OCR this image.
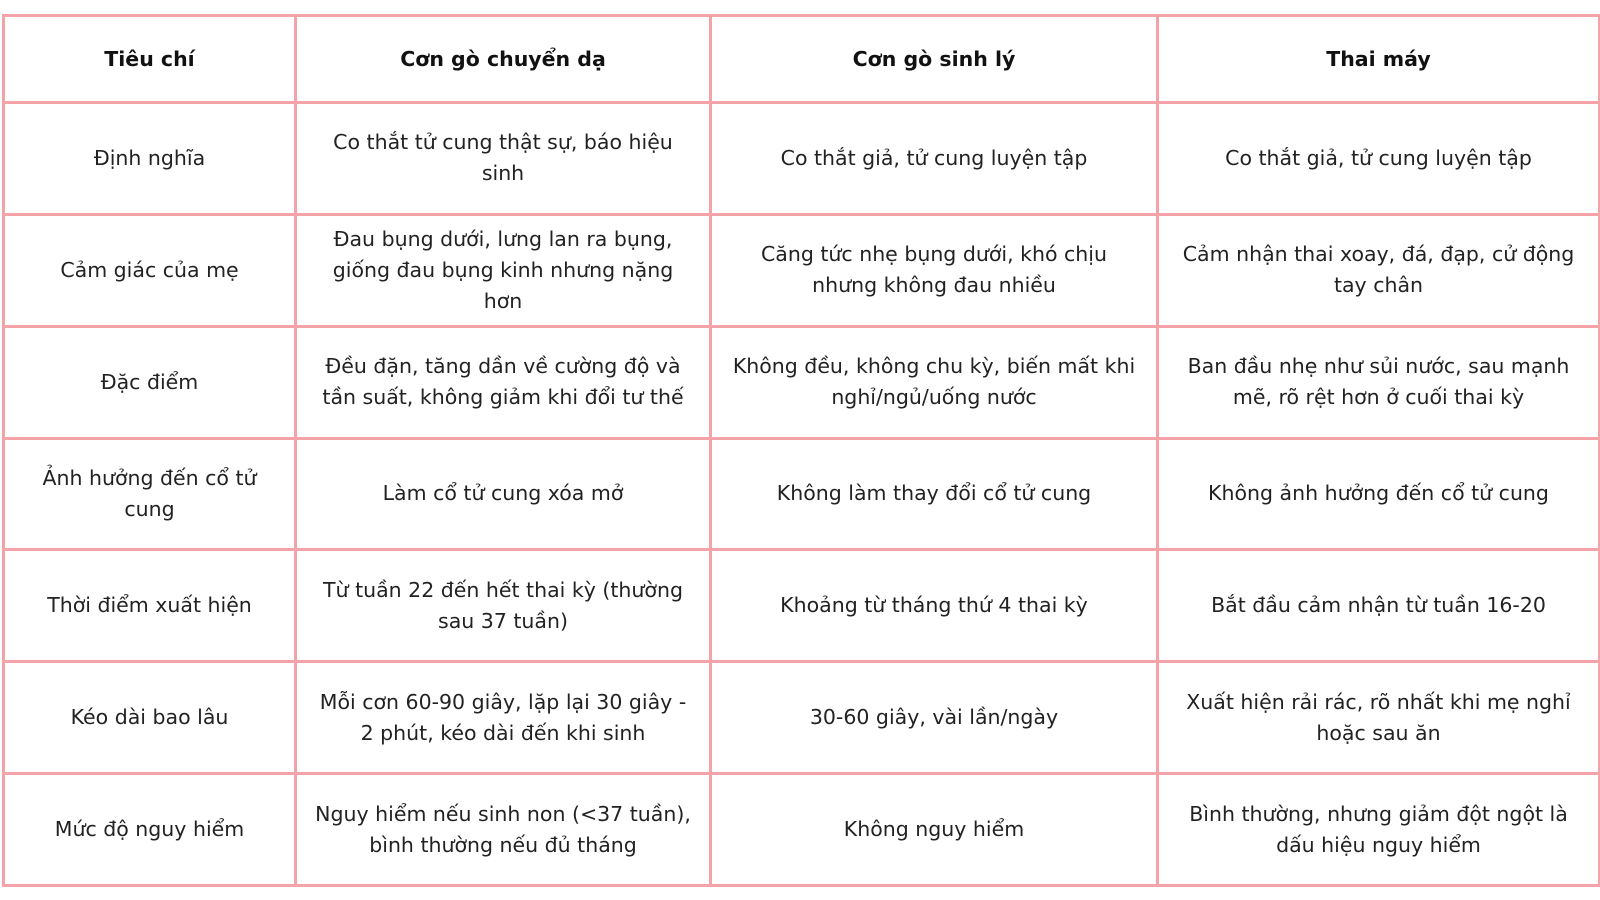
Tiêu chí	Cơn gò chuyển dạ	Cơn gò sinh lý	Thai máy
Định nghĩa	Co thắt tử cung thật sự, báo hiệu sinh	Co thắt giả, tử cung luyện tập	Co thắt giả, tử cung luyện tập
Cảm giác của mẹ	Đau bụng dưới, lưng lan ra bụng, giống đau bụng kinh nhưng nặng hơn	Căng tức nhẹ bụng dưới, khó chịu nhưng không đau nhiều	Cảm nhận thai xoay, đá, đạp, cử động tay chân
Đặc điểm	Đều đặn, tăng dần về cường độ và tần suất, không giảm khi đổi tư thế	Không đều, không chu kỳ, biến mất khi nghỉ/ngủ/uống nước	Ban đầu nhẹ như sủi nước, sau mạnh mẽ, rõ rệt hơn ở cuối thai kỳ
Ảnh hưởng đến cổ tử cung	Làm cổ tử cung xóa mở	Không làm thay đổi cổ tử cung	Không ảnh hưởng đến cổ tử cung
Thời điểm xuất hiện	Từ tuần 22 đến hết thai kỳ (thường sau 37 tuần)	Khoảng từ tháng thứ 4 thai kỳ	Bắt đầu cảm nhận từ tuần 16-20
Kéo dài bao lâu	Mỗi cơn 60-90 giây, lặp lại 30 giây - 2 phút, kéo dài đến khi sinh	30-60 giây, vài lần/ngày	Xuất hiện rải rác, rõ nhất khi mẹ nghỉ hoặc sau ăn
Mức độ nguy hiểm	Nguy hiểm nếu sinh non (<37 tuần), bình thường nếu đủ tháng	Không nguy hiểm	Bình thường, nhưng giảm đột ngột là dấu hiệu nguy hiểm
